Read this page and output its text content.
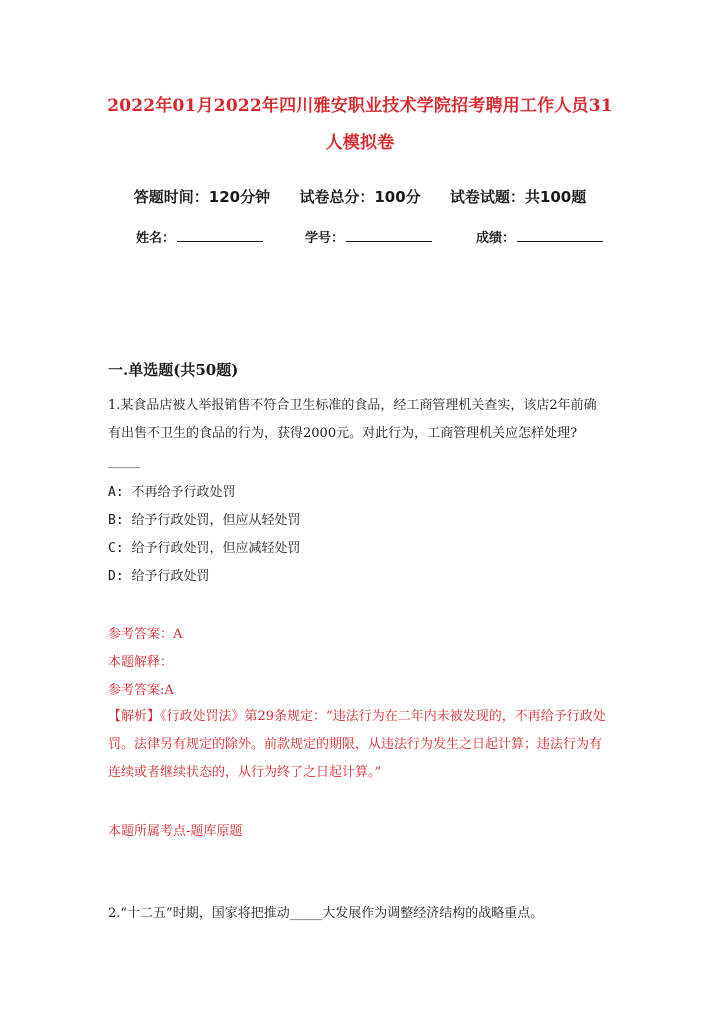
2022年01月2022年四川雅安职业技术学院招考聘用工作人员31
人模拟卷
答题时间：120分钟 试卷总分：100分 试卷试题：共100题
姓名：	学号：	成绩：
一.单选题(共50题)
1.某食品店被人举报销售不符合卫生标准的食品，经工商管理机关查实，该店2年前确有出售不卫生的食品的行为，获得2000元。对此行为，工商管理机关应怎样处理?_____
A: 不再给予行政处罚
B: 给予行政处罚，但应从轻处罚
C: 给予行政处罚，但应减轻处罚
D: 给予行政处罚
参考答案：A
本题解释：
参考答案:A
【解析】《行政处罚法》第29条规定：“违法行为在二年内未被发现的，不再给予行政处罚。法律另有规定的除外。前款规定的期限，从违法行为发生之日起计算；违法行为有连续或者继续状态的，从行为终了之日起计算。”
本题所属考点-题库原题
2.“十二五”时期，国家将把推动_____大发展作为调整经济结构的战略重点。
